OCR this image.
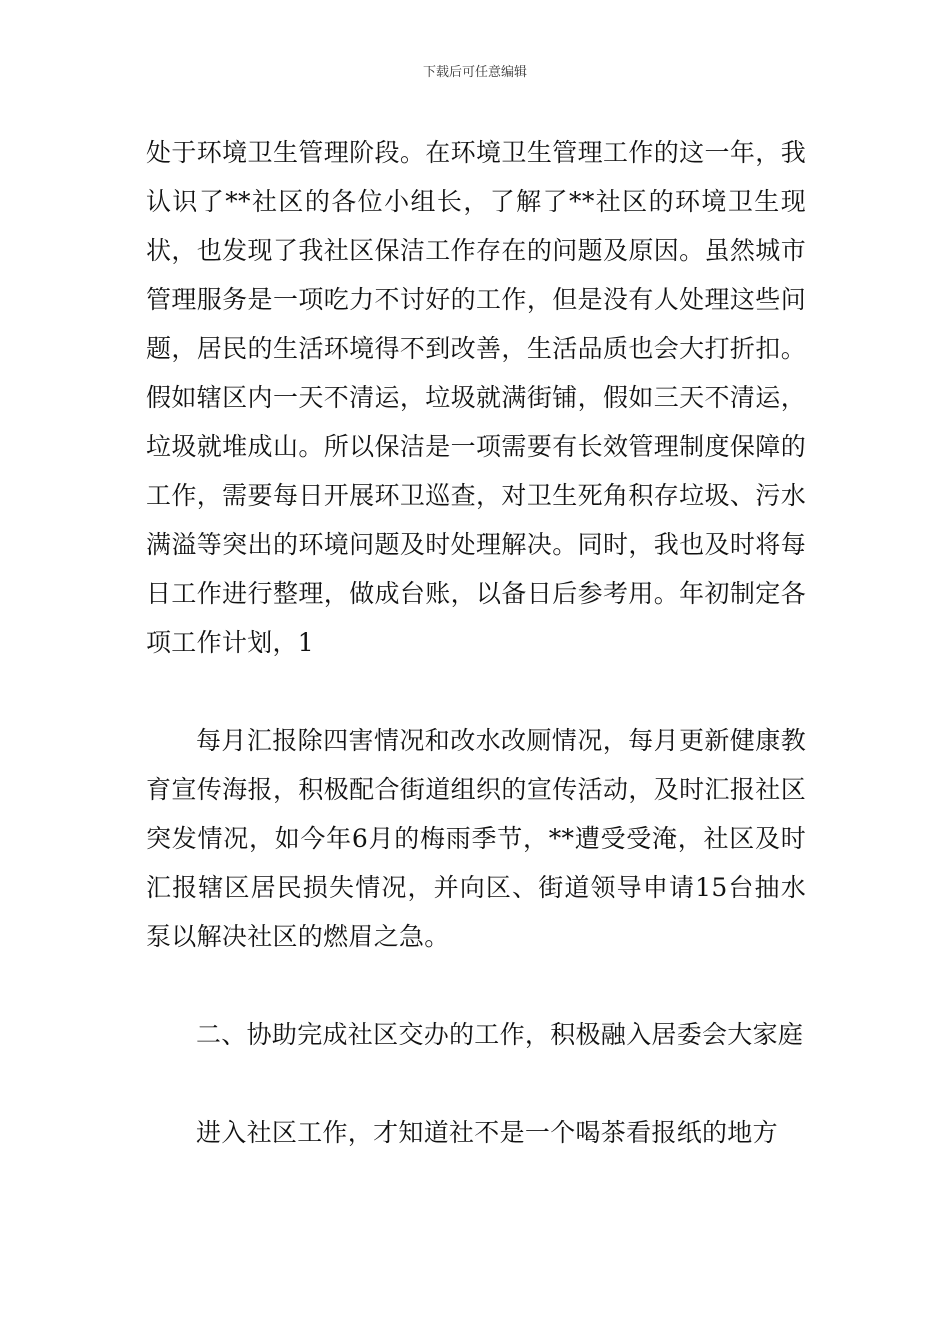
下载后可任意编辑

处于环境卫生管理阶段。在环境卫生管理工作的这一年，我认识了**社区的各位小组长，了解了**社区的环境卫生现状，也发现了我社区保洁工作存在的问题及原因。虽然城市管理服务是一项吃力不讨好的工作，但是没有人处理这些问题，居民的生活环境得不到改善，生活品质也会大打折扣。假如辖区内一天不清运，垃圾就满街铺，假如三天不清运，垃圾就堆成山。所以保洁是一项需要有长效管理制度保障的工作，需要每日开展环卫巡查，对卫生死角积存垃圾、污水满溢等突出的环境问题及时处理解决。同时，我也及时将每日工作进行整理，做成台账，以备日后参考用。年初制定各项工作计划，1

每月汇报除四害情况和改水改厕情况，每月更新健康教育宣传海报，积极配合街道组织的宣传活动，及时汇报社区突发情况，如今年6月的梅雨季节，**遭受受淹，社区及时汇报辖区居民损失情况，并向区、街道领导申请15台抽水泵以解决社区的燃眉之急。

二、协助完成社区交办的工作，积极融入居委会大家庭

进入社区工作，才知道社不是一个喝茶看报纸的地方
